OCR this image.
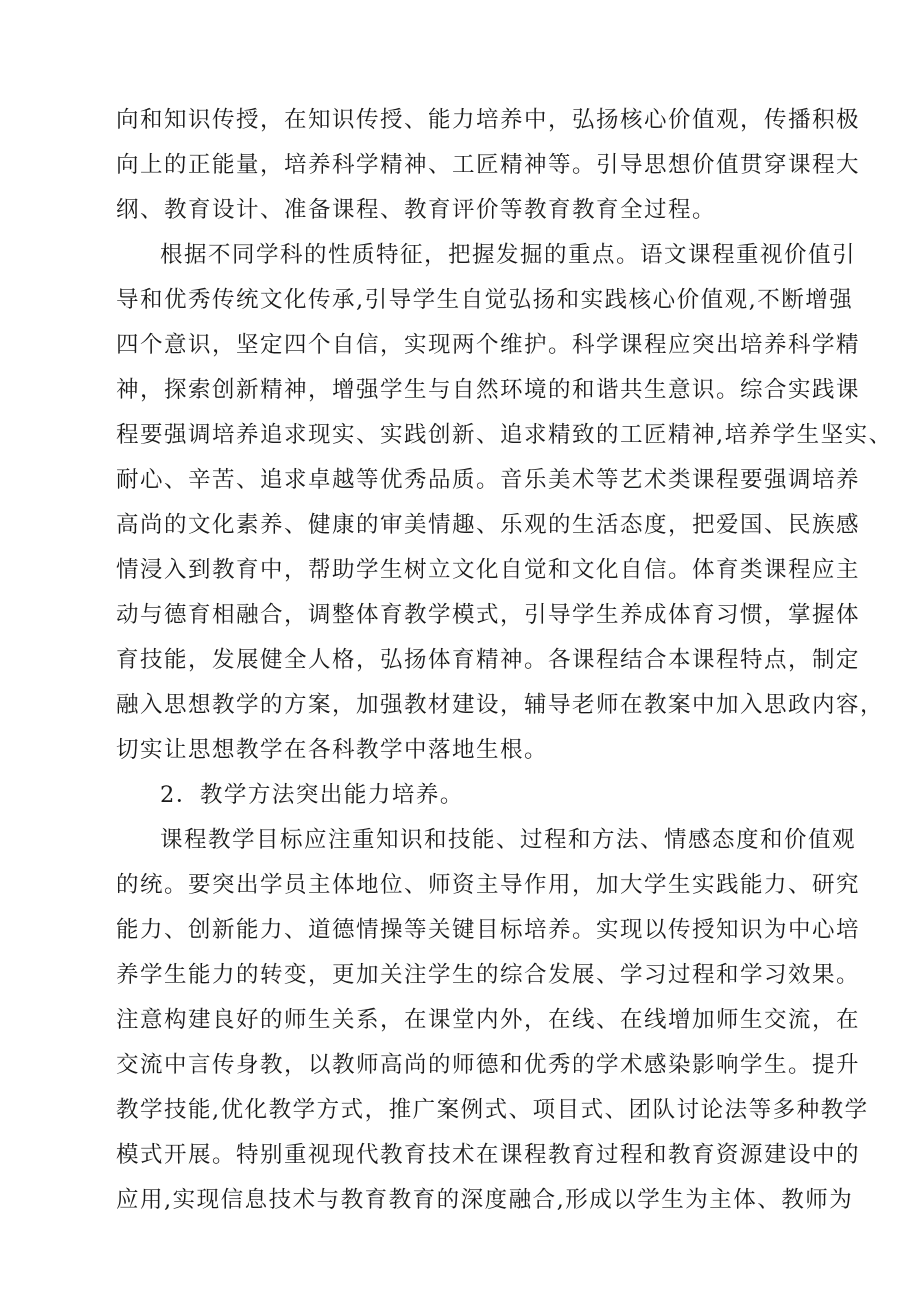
向和知识传授，在知识传授、能力培养中，弘扬核心价值观，传播积极
向上的正能量，培养科学精神、工匠精神等。引导思想价值贯穿课程大
纲、教育设计、准备课程、教育评价等教育教育全过程。
根据不同学科的性质特征，把握发掘的重点。语文课程重视价值引
导和优秀传统文化传承,引导学生自觉弘扬和实践核心价值观,不断增强
四个意识，坚定四个自信，实现两个维护。科学课程应突出培养科学精
神，探索创新精神，增强学生与自然环境的和谐共生意识。综合实践课
程要强调培养追求现实、实践创新、追求精致的工匠精神,培养学生坚实、
耐心、辛苦、追求卓越等优秀品质。音乐美术等艺术类课程要强调培养
高尚的文化素养、健康的审美情趣、乐观的生活态度，把爱国、民族感
情浸入到教育中，帮助学生树立文化自觉和文化自信。体育类课程应主
动与德育相融合，调整体育教学模式，引导学生养成体育习惯，掌握体
育技能，发展健全人格，弘扬体育精神。各课程结合本课程特点，制定
融入思想教学的方案，加强教材建设，辅导老师在教案中加入思政内容，
切实让思想教学在各科教学中落地生根。
2．教学方法突出能力培养。
课程教学目标应注重知识和技能、过程和方法、情感态度和价值观
的统。要突出学员主体地位、师资主导作用，加大学生实践能力、研究
能力、创新能力、道德情操等关键目标培养。实现以传授知识为中心培
养学生能力的转变，更加关注学生的综合发展、学习过程和学习效果。
注意构建良好的师生关系，在课堂内外，在线、在线增加师生交流，在
交流中言传身教，以教师高尚的师德和优秀的学术感染影响学生。提升
教学技能,优化教学方式，推广案例式、项目式、团队讨论法等多种教学
模式开展。特别重视现代教育技术在课程教育过程和教育资源建设中的
应用,实现信息技术与教育教育的深度融合,形成以学生为主体、教师为
